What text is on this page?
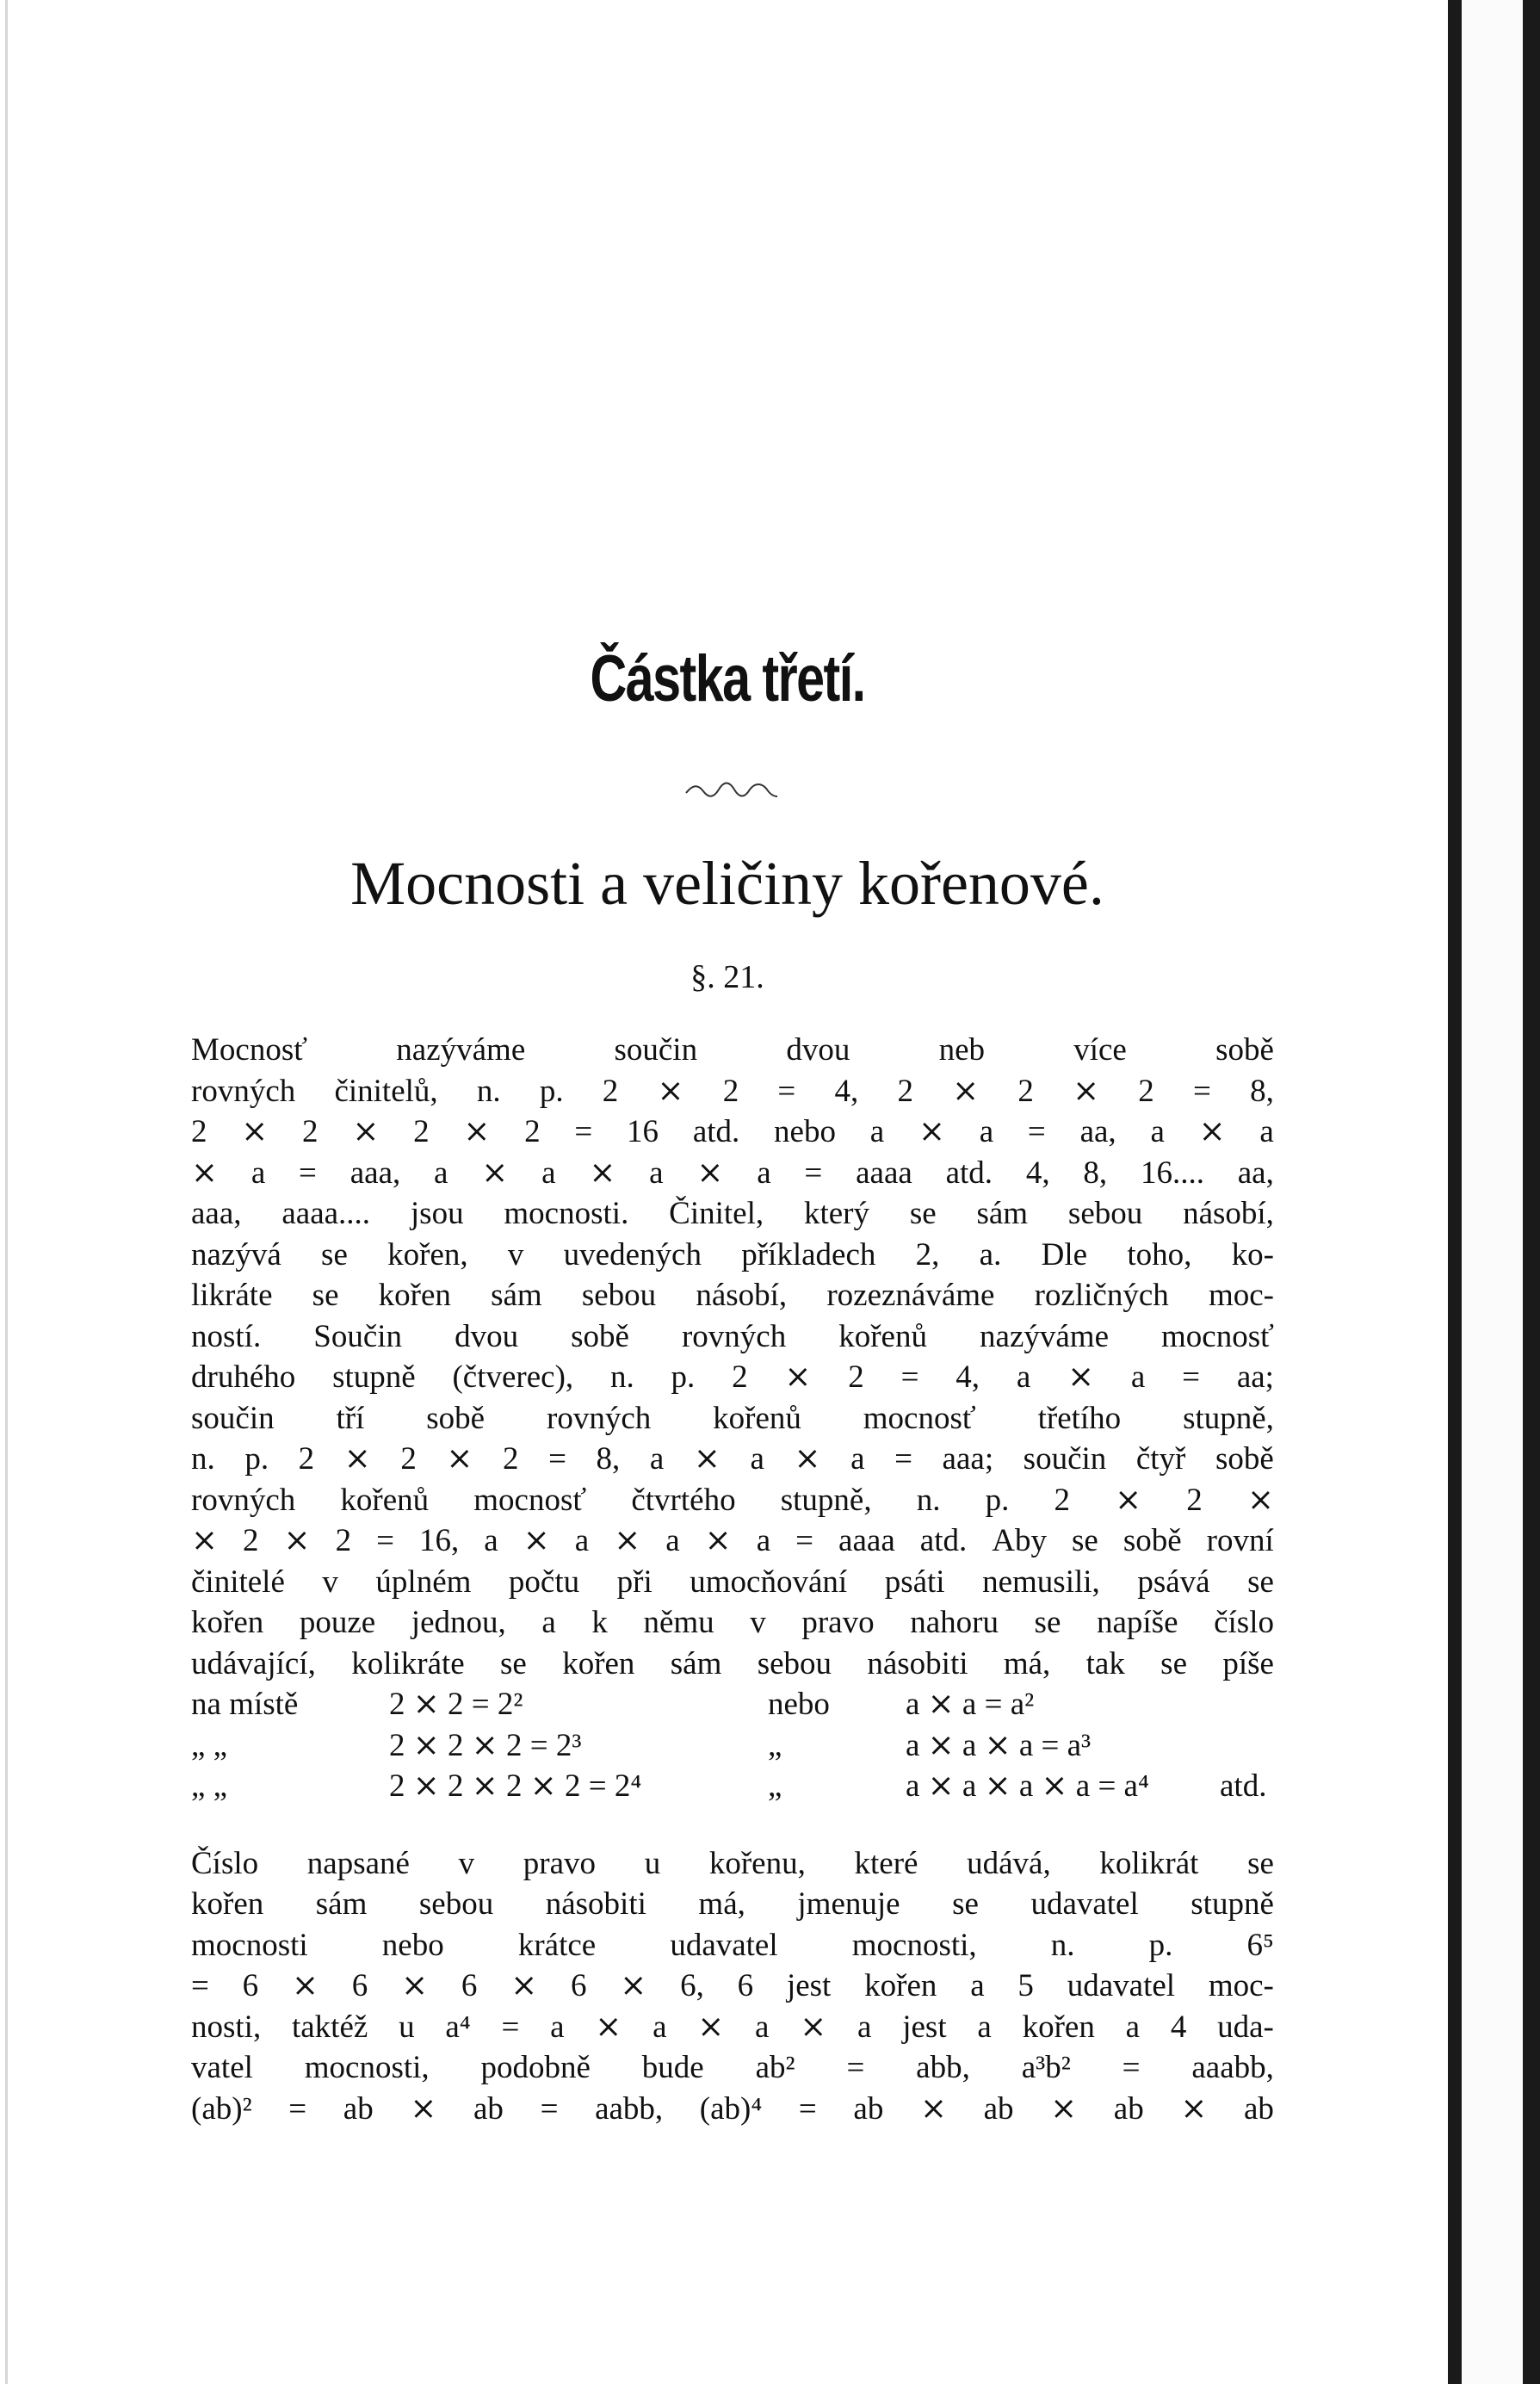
Částka třetí.
Mocnosti a veličiny kořenové.
§. 21.
Mocnosť	nazýváme	součin	dvou	neb	více	sobě
rovných činitelů, n. p. 2 ⨯ 2 = 4, 2 ⨯ 2 ⨯ 2 = 8,
2 ⨯ 2 ⨯ 2 ⨯ 2 = 16 atd. nebo a ⨯ a = aa, a ⨯ a
⨯ a = aaa, a ⨯ a ⨯ a ⨯ a = aaaa atd. 4, 8, 16.... aa,
aaa, aaaa.... jsou mocnosti. Činitel, který se sám sebou násobí,
nazývá se kořen, v uvedených příkladech 2, a. Dle toho, ko-
likráte se kořen sám sebou násobí, rozeznáváme rozličných moc-
ností. Součin dvou sobě rovných kořenů nazýváme mocnosť
druhého stupně (čtverec), n. p. 2 ⨯ 2 = 4, a ⨯ a = aa;
součin tří sobě rovných kořenů mocnosť třetího stupně,
n. p. 2 ⨯ 2 ⨯ 2 = 8, a ⨯ a ⨯ a = aaa; součin čtyř sobě
rovných kořenů mocnosť čtvrtého stupně, n. p. 2 ⨯ 2 ⨯
⨯ 2 ⨯ 2 = 16, a ⨯ a ⨯ a ⨯ a = aaaa atd. Aby se sobě rovní
činitelé v úplném počtu při umocňování psáti nemusili, psává se
kořen pouze jednou, a k němu v pravo nahoru se napíše číslo
udávající, kolikráte se kořen sám sebou násobiti má, tak se píše
na místě	2 ⨯ 2 = 2²	nebo a ⨯ a = a²
„ „	2 ⨯ 2 ⨯ 2 = 2³	„	a ⨯ a ⨯ a = a³
„ „	2 ⨯ 2 ⨯ 2 ⨯ 2 = 2⁴	„	a ⨯ a ⨯ a ⨯ a = a⁴ atd.
Číslo napsané v pravo u kořenu, které udává, kolikrát se
kořen sám sebou násobiti má, jmenuje se udavatel stupně
mocnosti nebo krátce udavatel mocnosti, n. p. 6⁵
= 6 ⨯ 6 ⨯ 6 ⨯ 6 ⨯ 6, 6 jest kořen a 5 udavatel moc-
nosti, taktéž u a⁴ = a ⨯ a ⨯ a ⨯ a jest a kořen a 4 uda-
vatel mocnosti, podobně bude ab² = abb, a³b² = aaabb,
(ab)² = ab ⨯ ab = aabb, (ab)⁴ = ab ⨯ ab ⨯ ab ⨯ ab
